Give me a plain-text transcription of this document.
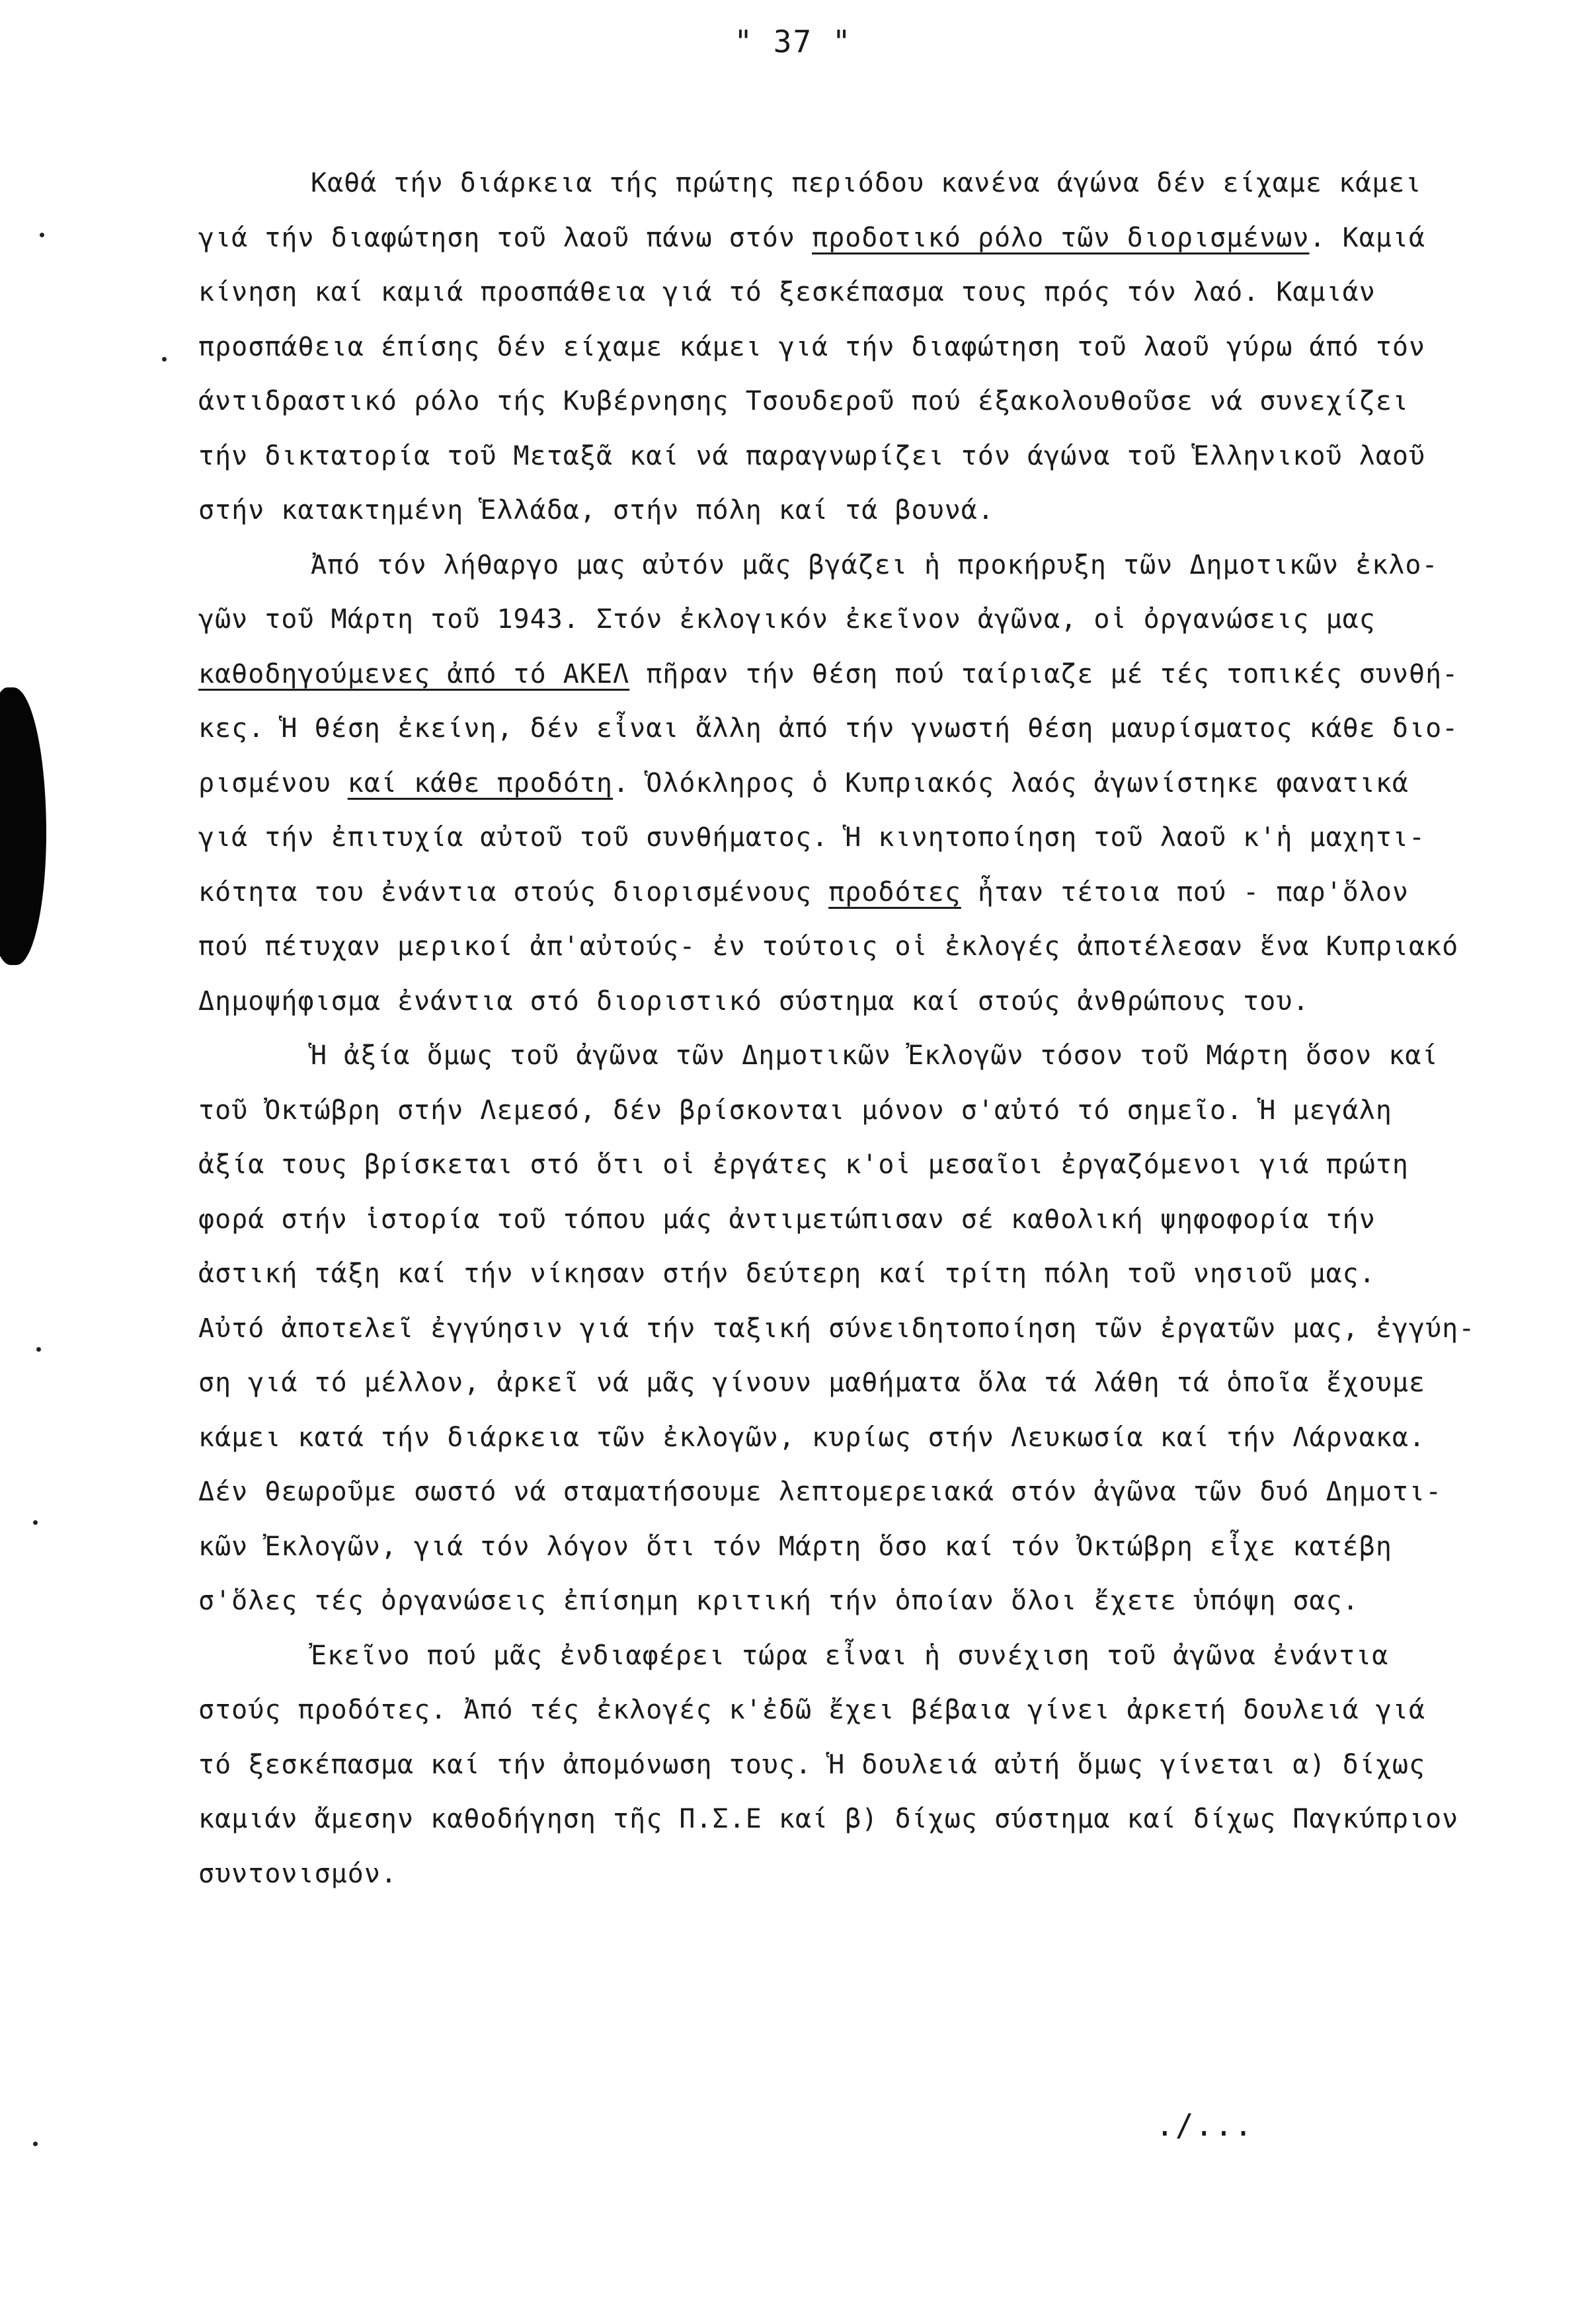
" 37 "
Καθά τήν διάρκεια τής πρώτης περιόδου κανένα άγώνα δέν είχαμε κάμει
γιά τήν διαφώτηση τοῦ λαοῦ πάνω στόν προδοτικό ρόλο τῶν διορισμένων. Καμιά
κίνηση καί καμιά προσπάθεια γιά τό ξεσκέπασμα τους πρός τόν λαό. Καμιάν
προσπάθεια έπίσης δέν είχαμε κάμει γιά τήν διαφώτηση τοῦ λαοῦ γύρω άπό τόν
άντιδραστικό ρόλο τής Κυβέρνησης Τσουδεροῦ πού έξακολουθοῦσε νά συνεχίζει
τήν δικτατορία τοῦ Μεταξᾶ καί νά παραγνωρίζει τόν άγώνα τοῦ Ἑλληνικοῦ λαοῦ
στήν κατακτημένη Ἑλλάδα, στήν πόλη καί τά βουνά.
Ἀπό τόν λήθαργο μας αὐτόν μᾶς βγάζει ἡ προκήρυξη τῶν Δημοτικῶν ἐκλο-
γῶν τοῦ Μάρτη τοῦ 1943. Στόν ἐκλογικόν ἐκεῖνον ἀγῶνα, οἱ ὀργανώσεις μας
καθοδηγούμενες ἀπό τό ΑΚΕΛ πῆραν τήν θέση πού ταίριαζε μέ τές τοπικές συνθή-
κες. Ἡ θέση ἐκείνη, δέν εἶναι ἄλλη ἀπό τήν γνωστή θέση μαυρίσματος κάθε διο-
ρισμένου καί κάθε προδότη. Ὁλόκληρος ὁ Κυπριακός λαός ἀγωνίστηκε φανατικά
γιά τήν ἐπιτυχία αὐτοῦ τοῦ συνθήματος. Ἡ κινητοποίηση τοῦ λαοῦ κ'ἡ μαχητι-
κότητα του ἐνάντια στούς διορισμένους προδότες ἦταν τέτοια πού - παρ'ὅλον
πού πέτυχαν μερικοί ἀπ'αὐτούς- ἐν τούτοις οἱ ἐκλογές ἀποτέλεσαν ἕνα Κυπριακό
Δημοψήφισμα ἐνάντια στό διοριστικό σύστημα καί στούς ἀνθρώπους του.
Ἡ ἀξία ὅμως τοῦ ἀγῶνα τῶν Δημοτικῶν Ἐκλογῶν τόσον τοῦ Μάρτη ὅσον καί
τοῦ Ὀκτώβρη στήν Λεμεσό, δέν βρίσκονται μόνον σ'αὐτό τό σημεῖο. Ἡ μεγάλη
ἀξία τους βρίσκεται στό ὅτι οἱ ἐργάτες κ'οἱ μεσαῖοι ἐργαζόμενοι γιά πρώτη
φορά στήν ἱστορία τοῦ τόπου μάς ἀντιμετώπισαν σέ καθολική ψηφοφορία τήν
ἀστική τάξη καί τήν νίκησαν στήν δεύτερη καί τρίτη πόλη τοῦ νησιοῦ μας.
Αὐτό ἀποτελεῖ ἐγγύησιν γιά τήν ταξική σύνειδητοποίηση τῶν ἐργατῶν μας, ἐγγύη-
ση γιά τό μέλλον, ἀρκεῖ νά μᾶς γίνουν μαθήματα ὅλα τά λάθη τά ὁποῖα ἔχουμε
κάμει κατά τήν διάρκεια τῶν ἐκλογῶν, κυρίως στήν Λευκωσία καί τήν Λάρνακα.
Δέν θεωροῦμε σωστό νά σταματήσουμε λεπτομερειακά στόν ἀγῶνα τῶν δυό Δημοτι-
κῶν Ἐκλογῶν, γιά τόν λόγον ὅτι τόν Μάρτη ὅσο καί τόν Ὀκτώβρη εἶχε κατέβη
σ'ὅλες τές ὀργανώσεις ἐπίσημη κριτική τήν ὁποίαν ὅλοι ἔχετε ὑπόψη σας.
Ἐκεῖνο πού μᾶς ἐνδιαφέρει τώρα εἶναι ἡ συνέχιση τοῦ ἀγῶνα ἐνάντια
στούς προδότες. Ἀπό τές ἐκλογές κ'ἐδῶ ἔχει βέβαια γίνει ἀρκετή δουλειά γιά
τό ξεσκέπασμα καί τήν ἀπομόνωση τους. Ἡ δουλειά αὐτή ὅμως γίνεται α) δίχως
καμιάν ἄμεσην καθοδήγηση τῆς Π.Σ.Ε καί β) δίχως σύστημα καί δίχως Παγκύπριον
συντονισμόν.
./...
